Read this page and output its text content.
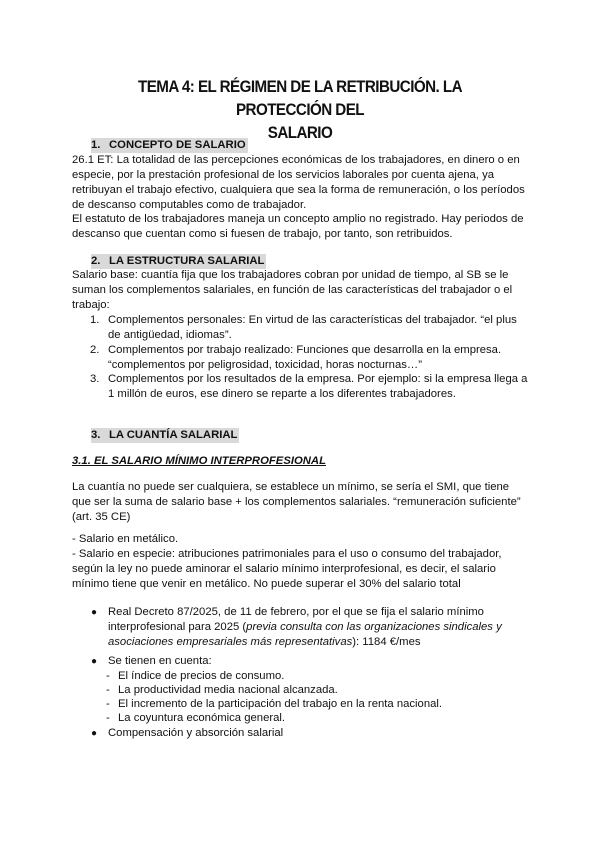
TEMA 4: EL RÉGIMEN DE LA RETRIBUCIÓN. LA PROTECCIÓN DEL
SALARIO
1. CONCEPTO DE SALARIO

26.1 ET: La totalidad de las percepciones económicas de los trabajadores, en dinero o en especie, por la prestación profesional de los servicios laborales por cuenta ajena, ya retribuyan el trabajo efectivo, cualquiera que sea la forma de remuneración, o los períodos de descanso computables como de trabajador.

El estatuto de los trabajadores maneja un concepto amplio no registrado. Hay periodos de descanso que cuentan como si fuesen de trabajo, por tanto, son retribuidos.

2. LA ESTRUCTURA SALARIAL

Salario base: cuantía fija que los trabajadores cobran por unidad de tiempo, al SB se le suman los complementos salariales, en función de las características del trabajador o el trabajo:

1. Complementos personales: En virtud de las características del trabajador. “el plus de antigüedad, idiomas”.
2. Complementos por trabajo realizado: Funciones que desarrolla en la empresa. “complementos por peligrosidad, toxicidad, horas nocturnas…”
3. Complementos por los resultados de la empresa. Por ejemplo: si la empresa llega a 1 millón de euros, ese dinero se reparte a los diferentes trabajadores.
3. LA CUANTÍA SALARIAL
3.1. EL SALARIO MÍNIMO INTERPROFESIONAL

La cuantía no puede ser cualquiera, se establece un mínimo, se sería el SMI, que tiene que ser la suma de salario base + los complementos salariales. “remuneración suficiente” (art. 35 CE)

- Salario en metálico.

- Salario en especie: atribuciones patrimoniales para el uso o consumo del trabajador, según la ley no puede aminorar el salario mínimo interprofesional, es decir, el salario mínimo tiene que venir en metálico. No puede superar el 30% del salario total

● Real Decreto 87/2025, de 11 de febrero, por el que se fija el salario mínimo interprofesional para 2025 (previa consulta con las organizaciones sindicales y asociaciones empresariales más representativas): 1184 €/mes
● Se tienen en cuenta:
- El índice de precios de consumo.
- La productividad media nacional alcanzada.
- El incremento de la participación del trabajo en la renta nacional.
- La coyuntura económica general.
● Compensación y absorción salarial
